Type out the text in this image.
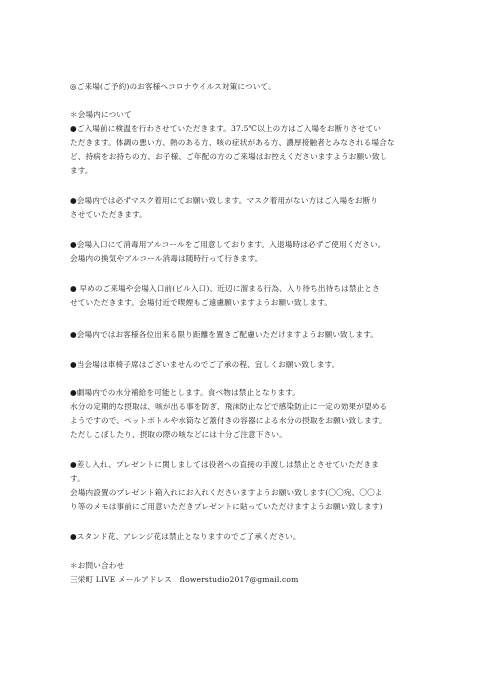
◎ご来場(ご予約)のお客様へコロナウイルス対策について。
＊会場内について
●ご入場前に検温を行わさせていただきます。37.5℃以上の方はご入場をお断りさせてい
ただきます。体調の悪い方、熱のある方、咳の症状がある方、濃厚接触者とみなされる場合な
ど、持病をお持ちの方、お子様、ご年配の方のご来場はお控えくださいますようお願い致し
ます。
●会場内では必ずマスク着用にてお願い致します。マスク着用がない方はご入場をお断り
させていただきます。
●会場入口にて消毒用アルコールをご用意しております。入退場時は必ずご使用ください。
会場内の換気やアルコール消毒は随時行って行きます。
● 早めのご来場や会場入口前(ビル入口)、近辺に溜まる行為、入り待ち出待ちは禁止とさ
せていただきます。会場付近で喫煙もご遠慮願いますようお願い致します。
●会場内ではお客様各位出来る限り距離を置きご配慮いただけますようお願い致します。
●当会場は車椅子席はございませんのでご了承の程、宜しくお願い致します。
●劇場内での水分補給を可能とします。食べ物は禁止となります。
水分の定期的な摂取は、咳が出る事を防ぎ、飛沫防止などで感染防止に一定の効果が望める
ようですので、ペットボトルや水筒など蓋付きの容器による水分の摂取をお願い致します。
ただしこぼしたり、摂取の際の咳などには十分ご注意下さい。
●差し入れ、プレゼントに関しましては役者への直接の手渡しは禁止とさせていただきま
す。
会場内設置のプレゼント箱入れにお入れくださいますようお願い致します(〇〇宛、〇〇よ
り等のメモは事前にご用意いただきプレゼントに貼っていただけますようお願い致します)
●スタンド花、アレンジ花は禁止となりますのでご了承ください。
＊お問い合わせ
三栄町 LIVE メールアドレス　flowerstudio2017@gmail.com
